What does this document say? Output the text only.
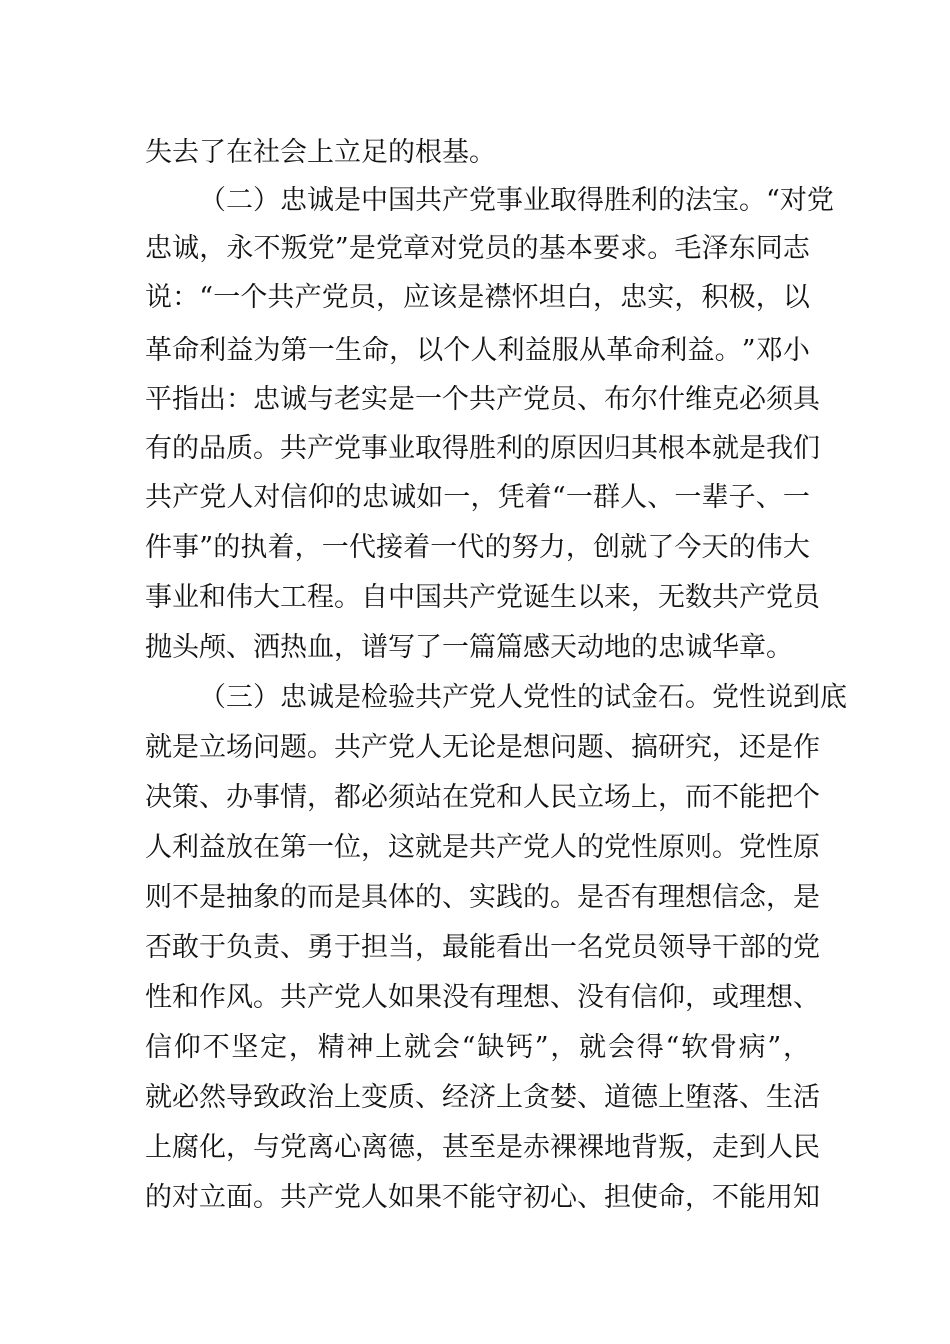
失 去 了 在 社 会 上 立 足 的 根 基 。
（ 二 ） 忠 诚 是 中 国 共 产 党 事 业 取 得 胜 利 的 法 宝 。 “ 对 党
忠 诚 ， 永 不 叛 党 ” 是 党 章 对 党 员 的 基 本 要 求 。 毛 泽 东 同 志
说 ： “ 一 个 共 产 党 员 ， 应 该 是 襟 怀 坦 白 ， 忠 实 ， 积 极 ， 以
革 命 利 益 为 第 一 生 命 ， 以 个 人 利 益 服 从 革 命 利 益 。 ” 邓 小
平 指 出 ： 忠 诚 与 老 实 是 一 个 共 产 党 员 、 布 尔 什 维 克 必 须 具
有 的 品 质 。 共 产 党 事 业 取 得 胜 利 的 原 因 归 其 根 本 就 是 我 们
共 产 党 人 对 信 仰 的 忠 诚 如 一 ， 凭 着 “ 一 群 人 、 一 辈 子 、 一
件 事 ” 的 执 着 ， 一 代 接 着 一 代 的 努 力 ， 创 就 了 今 天 的 伟 大
事 业 和 伟 大 工 程 。 自 中 国 共 产 党 诞 生 以 来 ， 无 数 共 产 党 员
抛 头 颅 、 洒 热 血 ， 谱 写 了 一 篇 篇 感 天 动 地 的 忠 诚 华 章 。
（ 三 ） 忠 诚 是 检 验 共 产 党 人 党 性 的 试 金 石 。 党 性 说 到 底
就 是 立 场 问 题 。 共 产 党 人 无 论 是 想 问 题 、 搞 研 究 ， 还 是 作
决 策 、 办 事 情 ， 都 必 须 站 在 党 和 人 民 立 场 上 ， 而 不 能 把 个
人 利 益 放 在 第 一 位 ， 这 就 是 共 产 党 人 的 党 性 原 则 。 党 性 原
则 不 是 抽 象 的 而 是 具 体 的 、 实 践 的 。 是 否 有 理 想 信 念 ， 是
否 敢 于 负 责 、 勇 于 担 当 ， 最 能 看 出 一 名 党 员 领 导 干 部 的 党
性 和 作 风 。 共 产 党 人 如 果 没 有 理 想 、 没 有 信 仰 ， 或 理 想 、
信 仰 不 坚 定 ， 精 神 上 就 会 “ 缺 钙 ” ， 就 会 得 “ 软 骨 病 ” ，
就 必 然 导 致 政 治 上 变 质 、 经 济 上 贪 婪 、 道 德 上 堕 落 、 生 活
上 腐 化 ， 与 党 离 心 离 德 ， 甚 至 是 赤 裸 裸 地 背 叛 ， 走 到 人 民
的 对 立 面 。 共 产 党 人 如 果 不 能 守 初 心 、 担 使 命 ， 不 能 用 知
